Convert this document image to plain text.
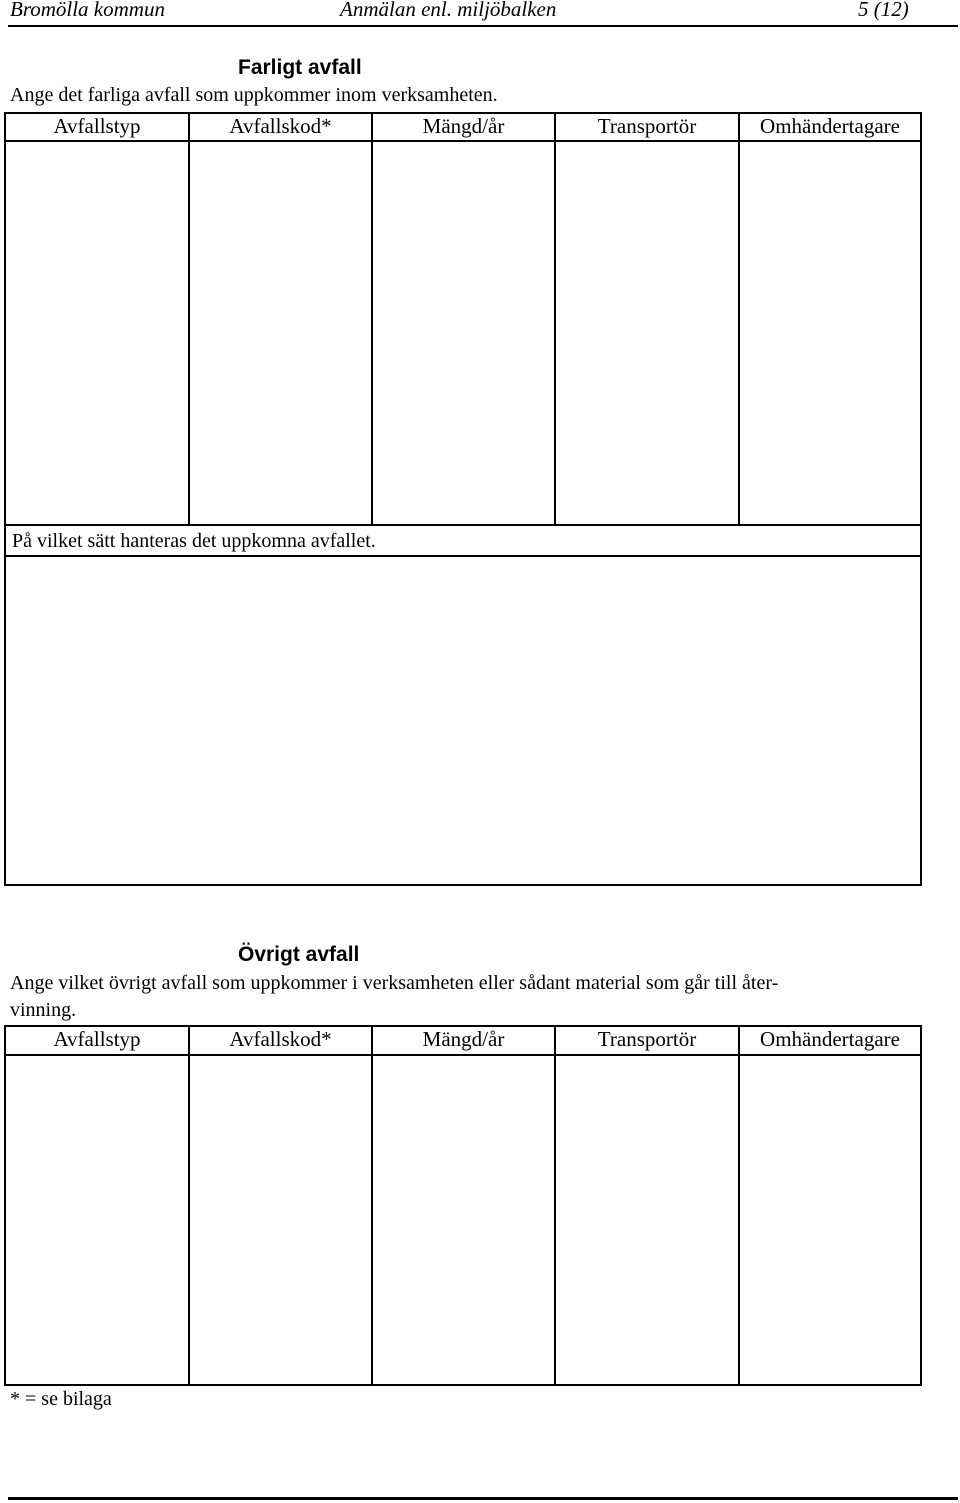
Bromölla kommun	Anmälan enl. miljöbalken	5 (12)
Farligt avfall
Ange det farliga avfall som uppkommer inom verksamheten.
Avfallstyp	Avfallskod*	Mängd/år	Transportör	Omhändertagare
På vilket sätt hanteras det uppkomna avfallet.
Övrigt avfall
Ange vilket övrigt avfall som uppkommer i verksamheten eller sådant material som går till åter-
vinning.
Avfallstyp	Avfallskod*	Mängd/år	Transportör	Omhändertagare
* = se bilaga
